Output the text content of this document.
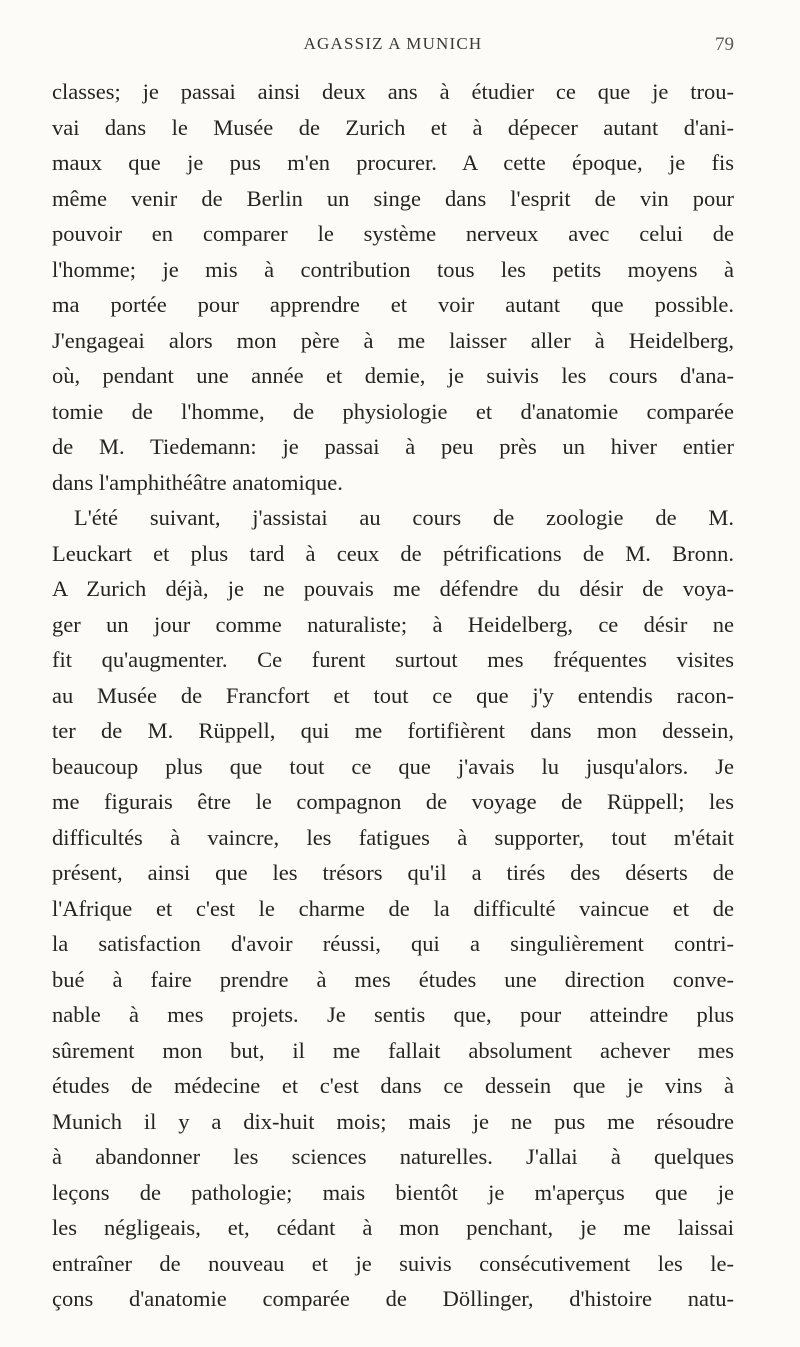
AGASSIZ A MUNICH	79
classes; je passai ainsi deux ans à étudier ce que je trou-
vai dans le Musée de Zurich et à dépecer autant d'ani-
maux que je pus m'en procurer. A cette époque, je fis
même venir de Berlin un singe dans l'esprit de vin pour
pouvoir en comparer le système nerveux avec celui de
l'homme; je mis à contribution tous les petits moyens à
ma portée pour apprendre et voir autant que possible.
J'engageai alors mon père à me laisser aller à Heidelberg,
où, pendant une année et demie, je suivis les cours d'ana-
tomie de l'homme, de physiologie et d'anatomie comparée
de M. Tiedemann: je passai à peu près un hiver entier
dans l'amphithéâtre anatomique.
L'été suivant, j'assistai au cours de zoologie de M.
Leuckart et plus tard à ceux de pétrifications de M. Bronn.
A Zurich déjà, je ne pouvais me défendre du désir de voya-
ger un jour comme naturaliste; à Heidelberg, ce désir ne
fit qu'augmenter. Ce furent surtout mes fréquentes visites
au Musée de Francfort et tout ce que j'y entendis racon-
ter de M. Rüppell, qui me fortifièrent dans mon dessein,
beaucoup plus que tout ce que j'avais lu jusqu'alors. Je
me figurais être le compagnon de voyage de Rüppell; les
difficultés à vaincre, les fatigues à supporter, tout m'était
présent, ainsi que les trésors qu'il a tirés des déserts de
l'Afrique et c'est le charme de la difficulté vaincue et de
la satisfaction d'avoir réussi, qui a singulièrement contri-
bué à faire prendre à mes études une direction conve-
nable à mes projets. Je sentis que, pour atteindre plus
sûrement mon but, il me fallait absolument achever mes
études de médecine et c'est dans ce dessein que je vins à
Munich il y a dix-huit mois; mais je ne pus me résoudre
à abandonner les sciences naturelles. J'allai à quelques
leçons de pathologie; mais bientôt je m'aperçus que je
les négligeais, et, cédant à mon penchant, je me laissai
entraîner de nouveau et je suivis consécutivement les le-
çons d'anatomie comparée de Döllinger, d'histoire natu-
